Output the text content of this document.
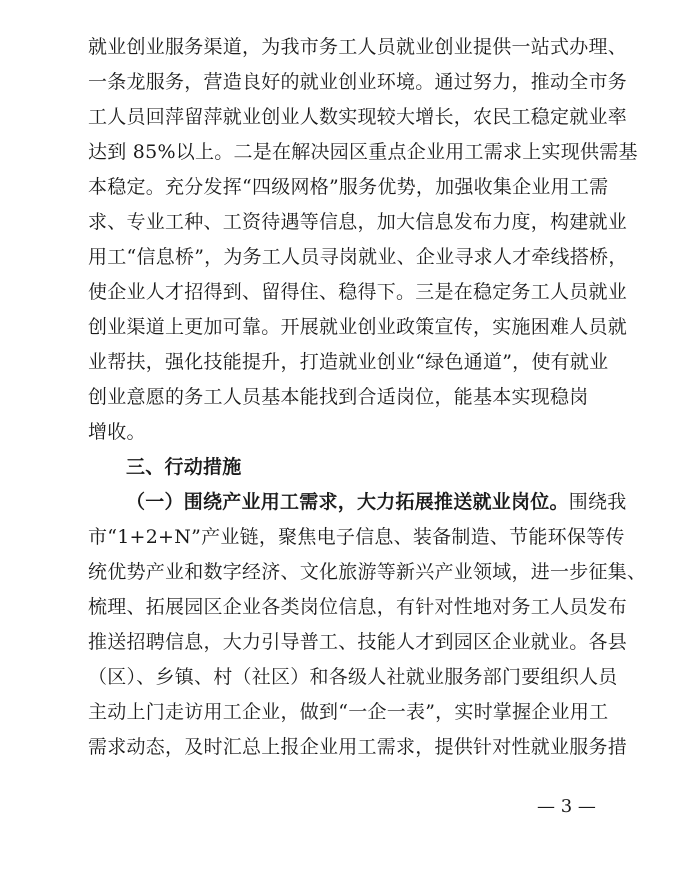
就业创业服务渠道，为我市务工人员就业创业提供一站式办理、
一条龙服务，营造良好的就业创业环境。通过努力，推动全市务
工人员回萍留萍就业创业人数实现较大增长，农民工稳定就业率
达到 85%以上。二是在解决园区重点企业用工需求上实现供需基
本稳定。充分发挥“四级网格”服务优势，加强收集企业用工需
求、专业工种、工资待遇等信息，加大信息发布力度，构建就业
用工“信息桥”，为务工人员寻岗就业、企业寻求人才牵线搭桥，
使企业人才招得到、留得住、稳得下。三是在稳定务工人员就业
创业渠道上更加可靠。开展就业创业政策宣传，实施困难人员就
业帮扶，强化技能提升，打造就业创业“绿色通道”，使有就业
创业意愿的务工人员基本能找到合适岗位，能基本实现稳岗
增收。
三、行动措施
（一）围绕产业用工需求，大力拓展推送就业岗位。围绕我
市“1+2+N”产业链，聚焦电子信息、装备制造、节能环保等传
统优势产业和数字经济、文化旅游等新兴产业领域，进一步征集、
梳理、拓展园区企业各类岗位信息，有针对性地对务工人员发布
推送招聘信息，大力引导普工、技能人才到园区企业就业。各县
（区）、乡镇、村（社区）和各级人社就业服务部门要组织人员
主动上门走访用工企业，做到“一企一表”，实时掌握企业用工
需求动态，及时汇总上报企业用工需求，提供针对性就业服务措
— 3 —
